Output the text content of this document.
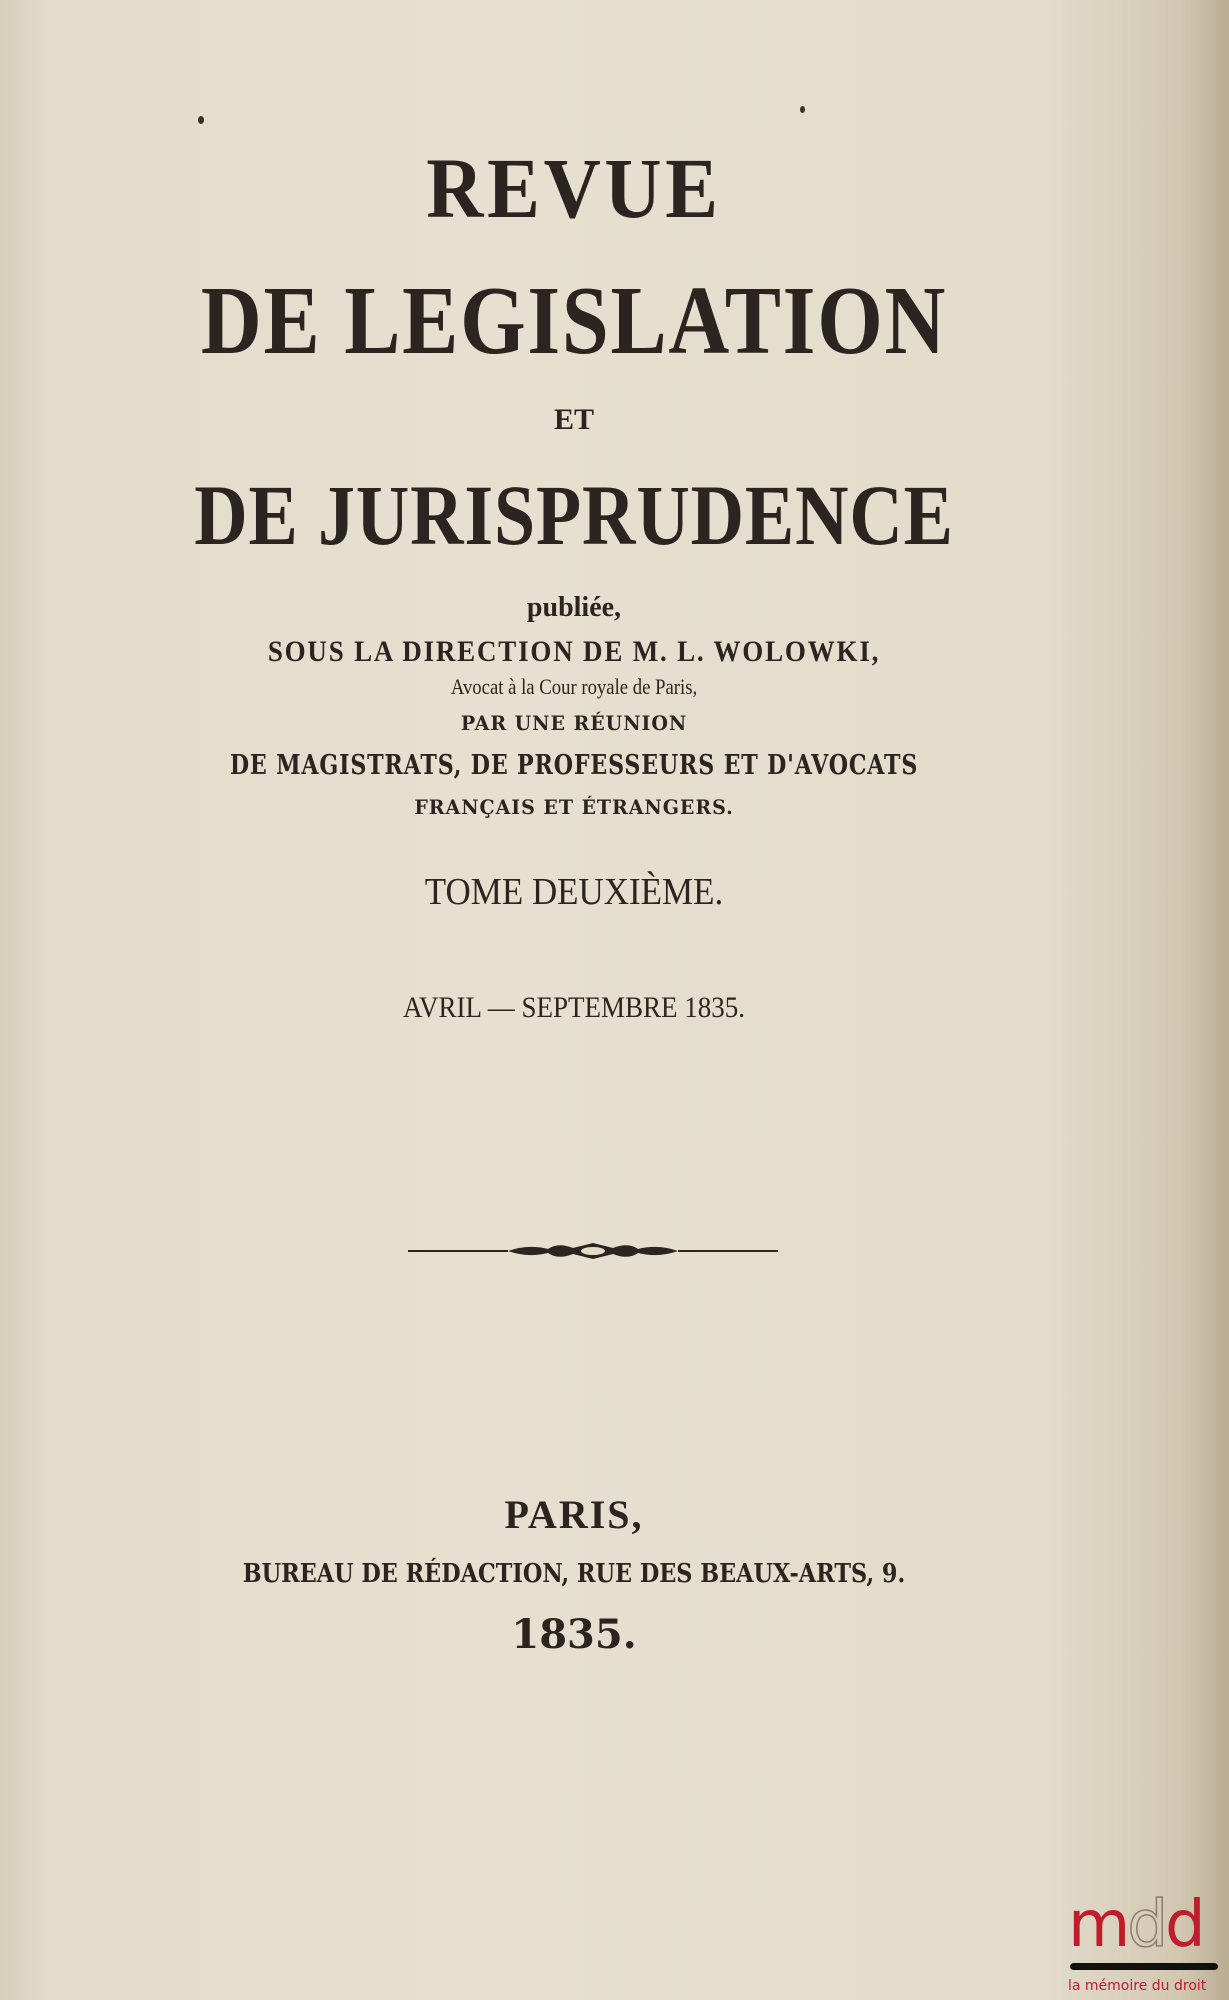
REVUE
DE LEGISLATION
ET
DE JURISPRUDENCE
publiée,
SOUS LA DIRECTION DE M. L. WOLOWKI,
Avocat à la Cour royale de Paris,
PAR UNE RÉUNION
DE MAGISTRATS, DE PROFESSEURS ET D'AVOCATS
FRANÇAIS ET ÉTRANGERS.
TOME DEUXIÈME.
AVRIL — SEPTEMBRE 1835.
PARIS,
BUREAU DE RÉDACTION, RUE DES BEAUX-ARTS, 9.
1835.
mdd
la mémoire du droit
